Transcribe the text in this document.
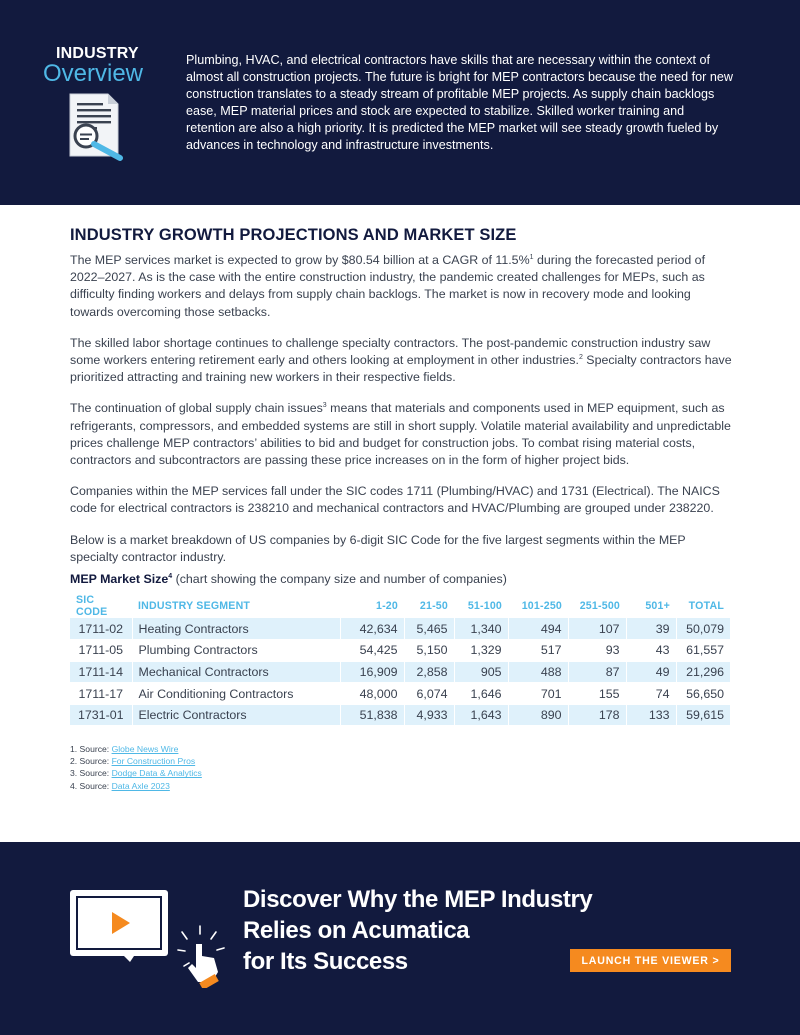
INDUSTRY
Overview	Plumbing, HVAC, and electrical contractors have skills that are necessary within the context of almost all construction projects. The future is bright for MEP contractors because the need for new construction translates to a steady stream of profitable MEP projects. As supply chain backlogs ease, MEP material prices and stock are expected to stabilize. Skilled worker training and retention are also a high priority. It is predicted the MEP market will see steady growth fueled by advances in technology and infrastructure investments.
INDUSTRY GROWTH PROJECTIONS AND MARKET SIZE

The MEP services market is expected to grow by $80.54 billion at a CAGR of 11.5%$^1$ during the forecasted period of 2022–2027. As is the case with the entire construction industry, the pandemic created challenges for MEPs, such as difficulty finding workers and delays from supply chain backlogs. The market is now in recovery mode and looking towards overcoming those setbacks.

The skilled labor shortage continues to challenge specialty contractors. The post-pandemic construction industry saw some workers entering retirement early and others looking at employment in other industries.$^2$ Specialty contractors have prioritized attracting and training new workers in their respective fields.

The continuation of global supply chain issues$^3$ means that materials and components used in MEP equipment, such as refrigerants, compressors, and embedded systems are still in short supply. Volatile material availability and unpredictable prices challenge MEP contractors’ abilities to bid and budget for construction jobs. To combat rising material costs, contractors and subcontractors are passing these price increases on in the form of higher project bids.

Companies within the MEP services fall under the SIC codes 1711 (Plumbing/HVAC) and 1731 (Electrical). The NAICS code for electrical contractors is 238210 and mechanical contractors and HVAC/Plumbing are grouped under 238220.

Below is a market breakdown of US companies by 6-digit SIC Code for the five largest segments within the MEP specialty contractor industry.

MEP Market Size$^4$ (chart showing the company size and number of companies)
SIC CODE	INDUSTRY SEGMENT	1-20	21-50	51-100	101-250	251-500	501+	TOTAL
1711-02	Heating Contractors	42,634	5,465	1,340	494	107	39	50,079
1711-05	Plumbing Contractors	54,425	5,150	1,329	517	93	43	61,557
1711-14	Mechanical Contractors	16,909	2,858	905	488	87	49	21,296
1711-17	Air Conditioning Contractors	48,000	6,074	1,646	701	155	74	56,650
1731-01	Electric Contractors	51,838	4,933	1,643	890	178	133	59,615
1. Source: Globe News Wire
2. Source: For Construction Pros
3. Source: Dodge Data & Analytics
4. Source: Data Axle 2023
Discover Why the MEP Industry
Relies on Acumatica
for Its Success	LAUNCH THE VIEWER >
